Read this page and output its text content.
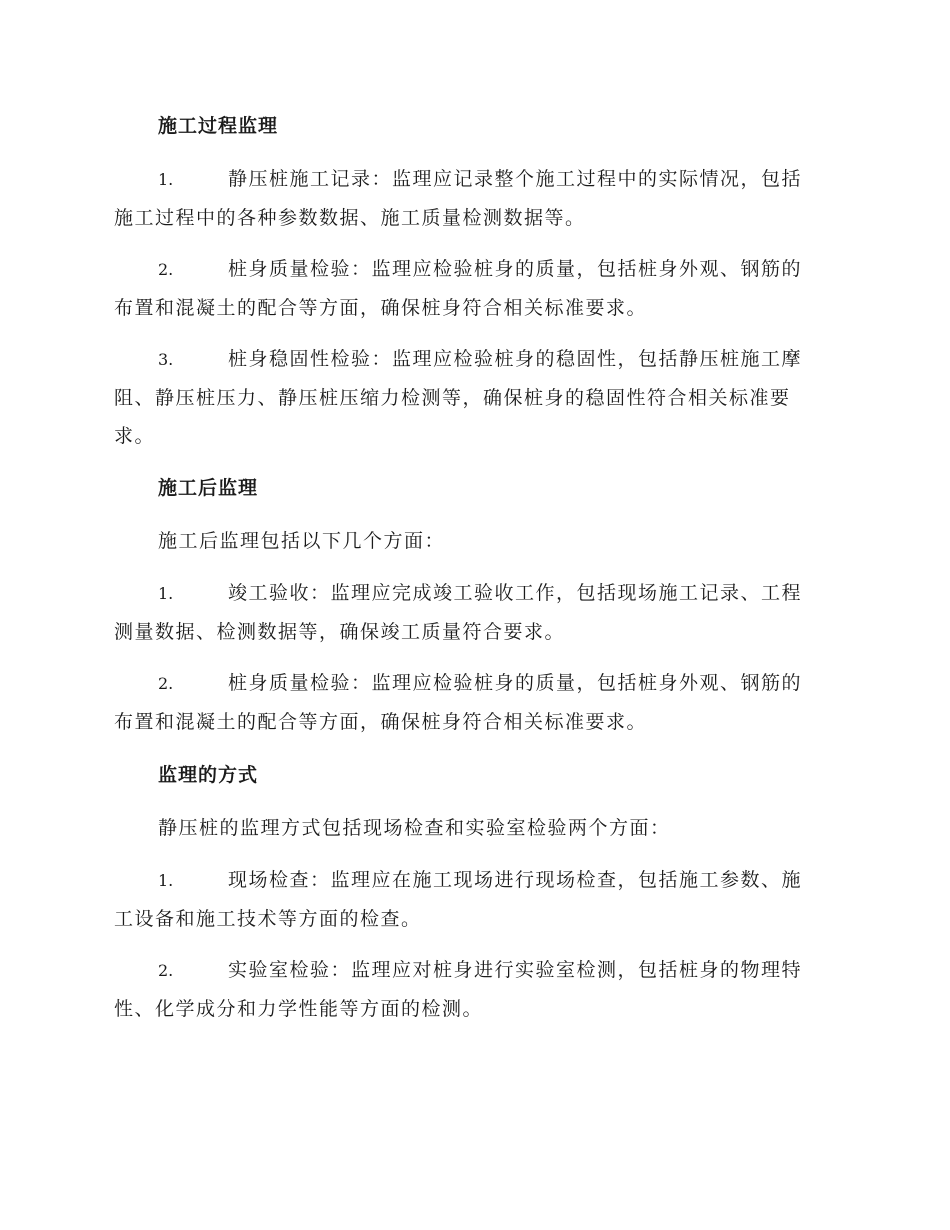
施工过程监理
1.	静压桩施工记录：监理应记录整个施工过程中的实际情况，包括
施工过程中的各种参数数据、施工质量检测数据等。
2.	桩身质量检验：监理应检验桩身的质量，包括桩身外观、钢筋的
布置和混凝土的配合等方面，确保桩身符合相关标准要求。
3.	桩身稳固性检验：监理应检验桩身的稳固性，包括静压桩施工摩
阻、静压桩压力、静压桩压缩力检测等，确保桩身的稳固性符合相关标准要
求。
施工后监理
施工后监理包括以下几个方面：
1.	竣工验收：监理应完成竣工验收工作，包括现场施工记录、工程
测量数据、检测数据等，确保竣工质量符合要求。
2.	桩身质量检验：监理应检验桩身的质量，包括桩身外观、钢筋的
布置和混凝土的配合等方面，确保桩身符合相关标准要求。
监理的方式
静压桩的监理方式包括现场检查和实验室检验两个方面：
1.	现场检查：监理应在施工现场进行现场检查，包括施工参数、施
工设备和施工技术等方面的检查。
2.	实验室检验：监理应对桩身进行实验室检测，包括桩身的物理特
性、化学成分和力学性能等方面的检测。
